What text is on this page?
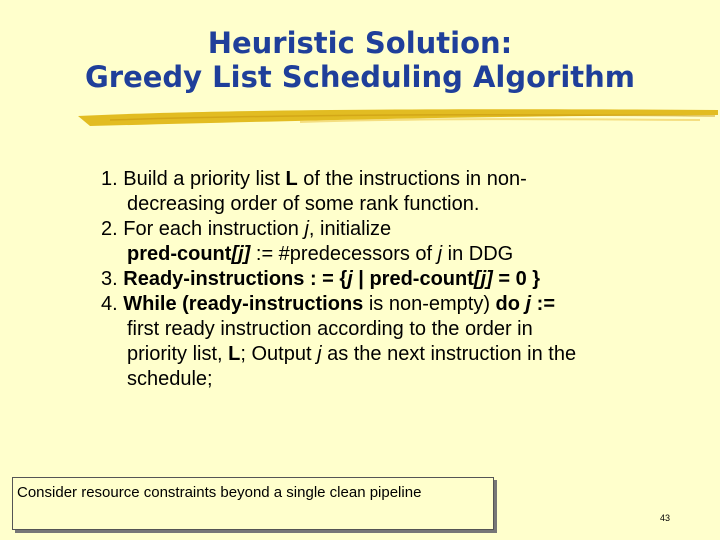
Heuristic Solution:
Greedy List Scheduling Algorithm
1. Build a priority list L of the instructions in non-
decreasing order of some rank function.
2. For each instruction j, initialize
pred-count[j] := #predecessors of j in DDG
3. Ready-instructions : = {j | pred-count[j] = 0 }
4. While (ready-instructions is non-empty) do j :=
first ready instruction according to the order in
priority list, L; Output j as the next instruction in the
schedule;
Consider resource constraints beyond a single clean pipeline
43
